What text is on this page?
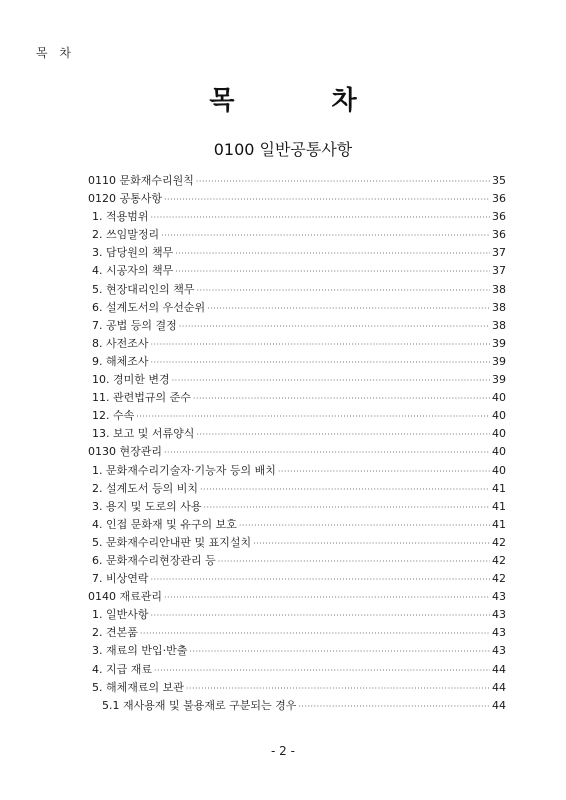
목 차
목 차
0100 일반공통사항
0110 문화재수리원칙 ·····	35
0120 공통사항 ·····	36
1. 적용범위 ·····	36
2. 쓰임말정리 ·····	36
3. 담당원의 책무 ·····	37
4. 시공자의 책무 ·····	37
5. 현장대리인의 책무 ·····	38
6. 설계도서의 우선순위 ·····	38
7. 공법 등의 결정 ·····	38
8. 사전조사 ·····	39
9. 해체조사 ·····	39
10. 경미한 변경 ·····	39
11. 관련법규의 준수 ·····	40
12. 수속 ·····	40
13. 보고 및 서류양식 ·····	40
0130 현장관리 ·····	40
1. 문화재수리기술자·기능자 등의 배치 ·····	40
2. 설계도서 등의 비치 ·····	41
3. 용지 및 도로의 사용 ·····	41
4. 인접 문화재 및 유구의 보호 ·····	41
5. 문화재수리안내판 및 표지설치 ·····	42
6. 문화재수리현장관리 등 ·····	42
7. 비상연락 ·····	42
0140 재료관리 ·····	43
1. 일반사항 ·····	43
2. 견본품 ·····	43
3. 재료의 반입·반출 ·····	43
4. 지급 재료 ·····	44
5. 해체재료의 보관 ·····	44
5.1 재사용재 및 불용재로 구분되는 경우 ·····	44
- 2 -
